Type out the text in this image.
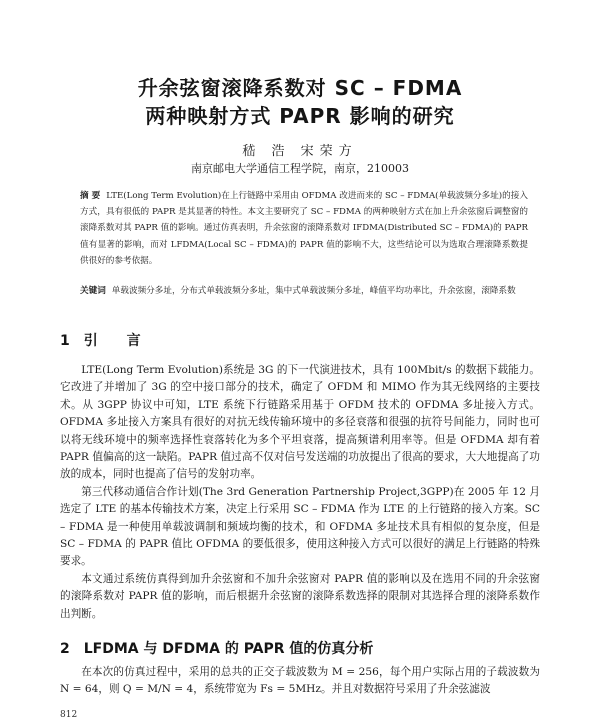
升余弦窗滚降系数对 SC – FDMA
两种映射方式 PAPR 影响的研究
嵇 浩 宋荣方
南京邮电大学通信工程学院，南京，210003
摘 要 LTE(Long Term Evolution)在上行链路中采用由 OFDMA 改进而来的 SC – FDMA(单载波频分多址)的接入方式，具有很低的 PAPR 是其显著的特性。本文主要研究了 SC – FDMA 的两种映射方式在加上升余弦窗后调整窗的滚降系数对其 PAPR 值的影响。通过仿真表明，升余弦窗的滚降系数对 IFDMA(Distributed SC – FDMA)的 PAPR 值有显著的影响，而对 LFDMA(Local SC – FDMA)的 PAPR 值的影响不大，这些结论可以为选取合理滚降系数提供很好的参考依据。
关键词 单载波频分多址，分布式单载波频分多址，集中式单载波频分多址，峰值平均功率比，升余弦窗，滚降系数
1 引 言

LTE(Long Term Evolution)系统是 3G 的下一代演进技术，具有 100Mbit/s 的数据下载能力。它改进了并增加了 3G 的空中接口部分的技术，确定了 OFDM 和 MIMO 作为其无线网络的主要技术。从 3GPP 协议中可知，LTE 系统下行链路采用基于 OFDM 技术的 OFDMA 多址接入方式。OFDMA 多址接入方案具有很好的对抗无线传输环境中的多径衰落和很强的抗符号间能力，同时也可以将无线环境中的频率选择性衰落转化为多个平坦衰落，提高频谱利用率等。但是 OFDMA 却有着 PAPR 值偏高的这一缺陷。PAPR 值过高不仅对信号发送端的功放提出了很高的要求，大大地提高了功放的成本，同时也提高了信号的发射功率。

第三代移动通信合作计划(The 3rd Generation Partnership Project,3GPP)在 2005 年 12 月选定了 LTE 的基本传输技术方案，决定上行采用 SC – FDMA 作为 LTE 的上行链路的接入方案。SC – FDMA 是一种使用单载波调制和频域均衡的技术，和 OFDMA 多址技术具有相似的复杂度，但是 SC – FDMA 的 PAPR 值比 OFDMA 的要低很多，使用这种接入方式可以很好的满足上行链路的特殊要求。

本文通过系统仿真得到加升余弦窗和不加升余弦窗对 PAPR 值的影响以及在选用不同的升余弦窗的滚降系数对 PAPR 值的影响，而后根据升余弦窗的滚降系数选择的限制对其选择合理的滚降系数作出判断。

2 LFDMA 与 DFDMA 的 PAPR 值的仿真分析

在本次的仿真过程中，采用的总共的正交子载波数为 M = 256，每个用户实际占用的子载波数为 N = 64，则 Q = M/N = 4，系统带宽为 Fs = 5MHz。并且对数据符号采用了升余弦滤波

812
